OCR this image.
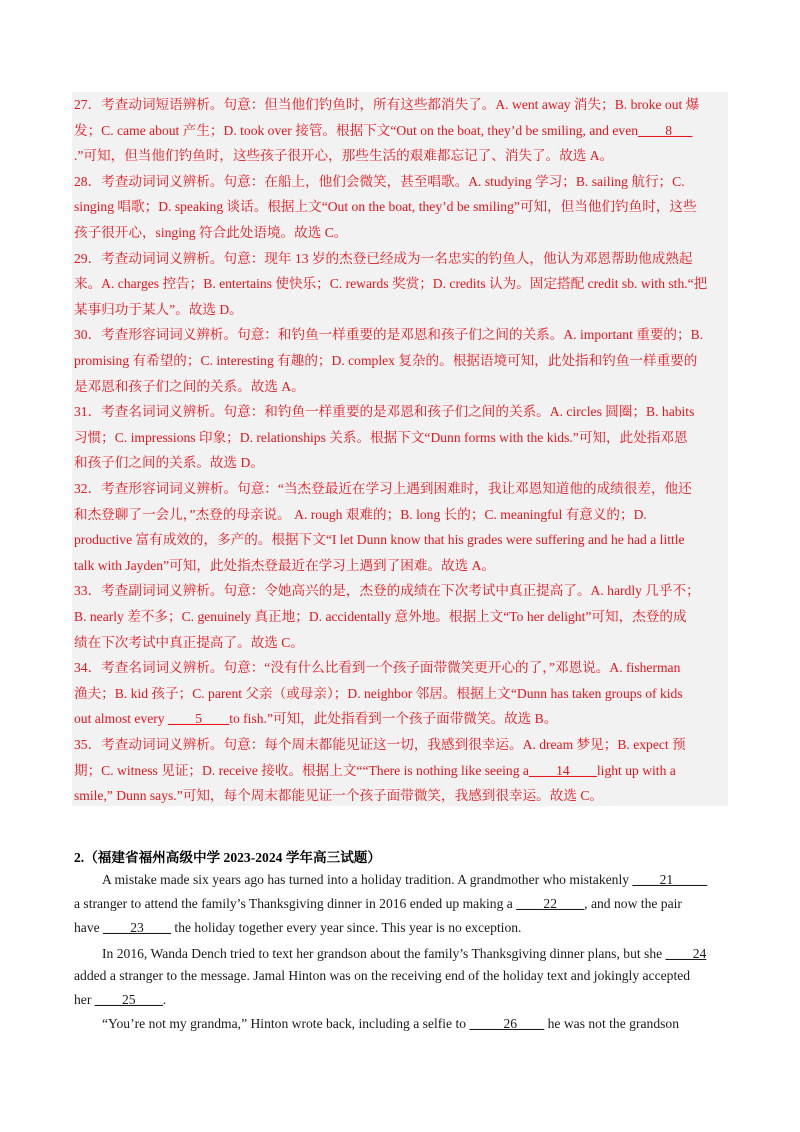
27．考查动词短语辨析。句意：但当他们钓鱼时，所有这些都消失了。A. went away 消失；B. broke out 爆
发；C. came about 产生；D. took over 接管。根据下文“Out on the boat, they’d be smiling, and even____8___
.”可知，但当他们钓鱼时，这些孩子很开心，那些生活的艰难都忘记了、消失了。故选 A。
28．考查动词词义辨析。句意：在船上，他们会微笑，甚至唱歌。A. studying 学习；B. sailing 航行；C.
singing 唱歌；D. speaking 谈话。根据上文“Out on the boat, they’d be smiling”可知，但当他们钓鱼时，这些
孩子很开心，singing 符合此处语境。故选 C。
29．考查动词词义辨析。句意：现年 13 岁的杰登已经成为一名忠实的钓鱼人，他认为邓恩帮助他成熟起
来。A. charges 控告；B. entertains 使快乐；C. rewards 奖赏；D. credits 认为。固定搭配 credit sb. with sth.“把
某事归功于某人”。故选 D。
30．考查形容词词义辨析。句意：和钓鱼一样重要的是邓恩和孩子们之间的关系。A. important 重要的；B.
promising 有希望的；C. interesting 有趣的；D. complex 复杂的。根据语境可知，此处指和钓鱼一样重要的
是邓恩和孩子们之间的关系。故选 A。
31．考查名词词义辨析。句意：和钓鱼一样重要的是邓恩和孩子们之间的关系。A. circles 圆圈；B. habits
习惯；C. impressions 印象；D. relationships 关系。根据下文“Dunn forms with the kids.”可知，此处指邓恩
和孩子们之间的关系。故选 D。
32．考查形容词词义辨析。句意：“当杰登最近在学习上遇到困难时，我让邓恩知道他的成绩很差，他还
和杰登聊了一会儿，”杰登的母亲说。 A. rough 艰难的；B. long 长的；C. meaningful 有意义的；D.
productive 富有成效的，多产的。根据下文“I let Dunn know that his grades were suffering and he had a little
talk with Jayden”可知，此处指杰登最近在学习上遇到了困难。故选 A。
33．考查副词词义辨析。句意：令她高兴的是，杰登的成绩在下次考试中真正提高了。A. hardly 几乎不；
B. nearly 差不多；C. genuinely 真正地；D. accidentally 意外地。根据上文“To her delight”可知，杰登的成
绩在下次考试中真正提高了。故选 C。
34．考查名词词义辨析。句意：“没有什么比看到一个孩子面带微笑更开心的了，”邓恩说。A. fisherman
渔夫；B. kid 孩子；C. parent 父亲（或母亲）；D. neighbor 邻居。根据上文“Dunn has taken groups of kids
out almost every ____5____to fish.”可知，此处指看到一个孩子面带微笑。故选 B。
35．考查动词词义辨析。句意：每个周末都能见证这一切，我感到很幸运。A. dream 梦见；B. expect 预
期；C. witness 见证；D. receive 接收。根据上文““There is nothing like seeing a____14____light up with a
smile,” Dunn says.”可知，每个周末都能见证一个孩子面带微笑，我感到很幸运。故选 C。
2.（福建省福州高级中学 2023-2024 学年高三试题）
A mistake made six years ago has turned into a holiday tradition. A grandmother who mistakenly ____21_____
a stranger to attend the family’s Thanksgiving dinner in 2016 ended up making a ____22____, and now the pair
have ____23____ the holiday together every year since. This year is no exception.
In 2016, Wanda Dench tried to text her grandson about the family’s Thanksgiving dinner plans, but she ____24
added a stranger to the message. Jamal Hinton was on the receiving end of the holiday text and jokingly accepted
her ____25____.
“You’re not my grandma,” Hinton wrote back, including a selfie to _____26____ he was not the grandson
